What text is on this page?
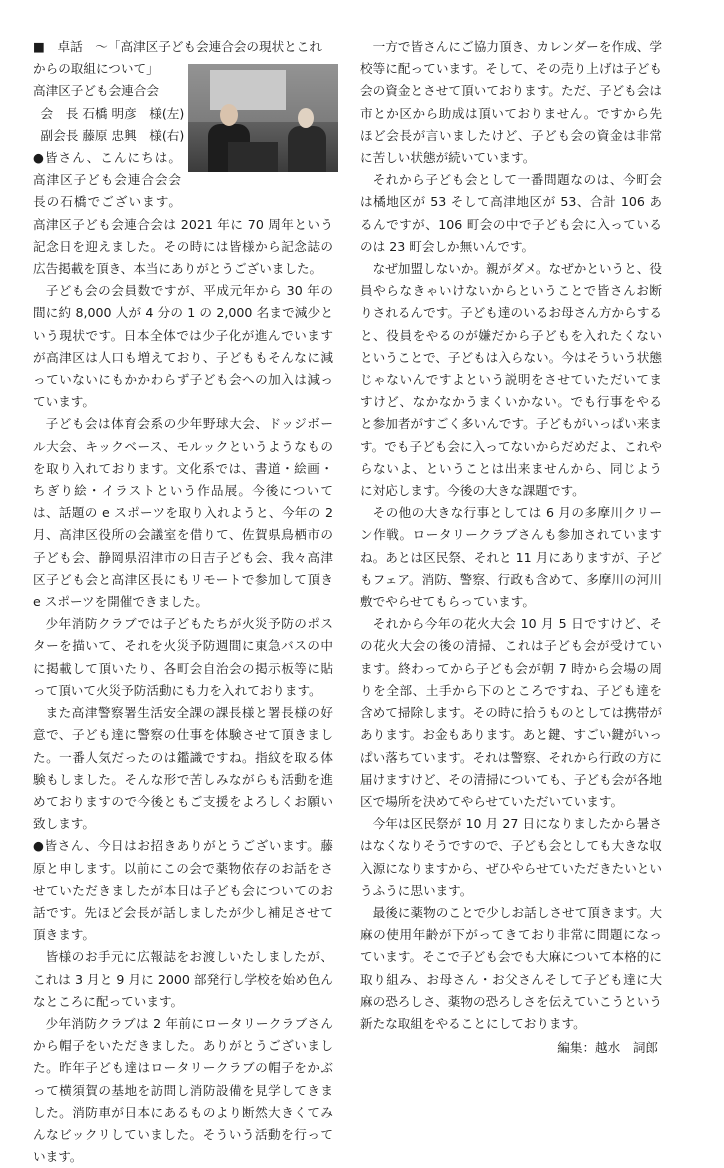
■　卓話　〜「高津区子ども会連合会の現状とこれ
からの取組について」
高津区子ども会連合会
会　長 石橋 明彦　様(左)
副会長 藤原 忠興　様(右)

●皆さん、こんにちは。高津区子ども会連合会会長の石橋でございます。高津区子ども会連合会は 2021 年に 70 周年という記念日を迎えました。その時には皆様から記念誌の広告掲載を頂き、本当にありがとうございました。

子ども会の会員数ですが、平成元年から 30 年の間に約 8,000 人が 4 分の 1 の 2,000 名まで減少という現状です。日本全体では少子化が進んでいますが高津区は人口も増えており、子どももそんなに減っていないにもかかわらず子ども会への加入は減っています。

子ども会は体育会系の少年野球大会、ドッジボール大会、キックベース、モルックというようなものを取り入れております。文化系では、書道・絵画・ちぎり絵・イラストという作品展。今後については、話題の e スポーツを取り入れようと、今年の 2 月、高津区役所の会議室を借りて、佐賀県鳥栖市の子ども会、静岡県沼津市の日吉子ども会、我々高津区子ども会と高津区長にもリモートで参加して頂き e スポーツを開催できました。

少年消防クラブでは子どもたちが火災予防のポスターを描いて、それを火災予防週間に東急バスの中に掲載して頂いたり、各町会自治会の掲示板等に貼って頂いて火災予防活動にも力を入れております。

また高津警察署生活安全課の課長様と署長様の好意で、子ども達に警察の仕事を体験させて頂きました。一番人気だったのは鑑識ですね。指紋を取る体験もしました。そんな形で苦しみながらも活動を進めておりますので今後ともご支援をよろしくお願い致します。

●皆さん、今日はお招きありがとうございます。藤原と申します。以前にこの会で薬物依存のお話をさせていただきましたが本日は子ども会についてのお話です。先ほど会長が話しましたが少し補足させて頂きます。

皆様のお手元に広報誌をお渡しいたしましたが、これは 3 月と 9 月に 2000 部発行し学校を始め色んなところに配っています。

少年消防クラブは 2 年前にロータリークラブさんから帽子をいただきました。ありがとうございました。昨年子ども達はロータリークラブの帽子をかぶって横須賀の基地を訪問し消防設備を見学してきました。消防車が日本にあるものより断然大きくてみんなビックリしていました。そういう活動を行っています。

一方で皆さんにご協力頂き、カレンダーを作成、学校等に配っています。そして、その売り上げは子ども会の資金とさせて頂いております。ただ、子ども会は市とか区から助成は頂いておりません。ですから先ほど会長が言いましたけど、子ども会の資金は非常に苦しい状態が続いています。

それから子ども会として一番問題なのは、今町会は橘地区が 53 そして高津地区が 53、合計 106 あるんですが、106 町会の中で子ども会に入っているのは 23 町会しか無いんです。

なぜ加盟しないか。親がダメ。なぜかというと、役員やらなきゃいけないからということで皆さんお断りされるんです。子ども達のいるお母さん方からすると、役員をやるのが嫌だから子どもを入れたくないということで、子どもは入らない。今はそういう状態じゃないんですよという説明をさせていただいてますけど、なかなかうまくいかない。でも行事をやると参加者がすごく多いんです。子どもがいっぱい来ます。でも子ども会に入ってないからだめだよ、これやらないよ、ということは出来ませんから、同じように対応します。今後の大きな課題です。

その他の大きな行事としては 6 月の多摩川クリーン作戦。ロータリークラブさんも参加されていますね。あとは区民祭、それと 11 月にありますが、子どもフェア。消防、警察、行政も含めて、多摩川の河川敷でやらせてもらっています。

それから今年の花火大会 10 月 5 日ですけど、その花火大会の後の清掃、これは子ども会が受けています。終わってから子ども会が朝 7 時から会場の周りを全部、土手から下のところですね、子ども達を含めて掃除します。その時に拾うものとしては携帯があります。お金もあります。あと鍵、すごい鍵がいっぱい落ちています。それは警察、それから行政の方に届けますけど、その清掃についても、子ども会が各地区で場所を決めてやらせていただいています。

今年は区民祭が 10 月 27 日になりましたから暑さはなくなりそうですので、子ども会としても大きな収入源になりますから、ぜひやらせていただきたいというふうに思います。

最後に薬物のことで少しお話しさせて頂きます。大麻の使用年齢が下がってきており非常に問題になっています。そこで子ども会でも大麻について本格的に取り組み、お母さん・お父さんそして子ども達に大麻の恐ろしさ、薬物の恐ろしさを伝えていこうという新たな取組をやることにしております。

編集：越水　詞郎
